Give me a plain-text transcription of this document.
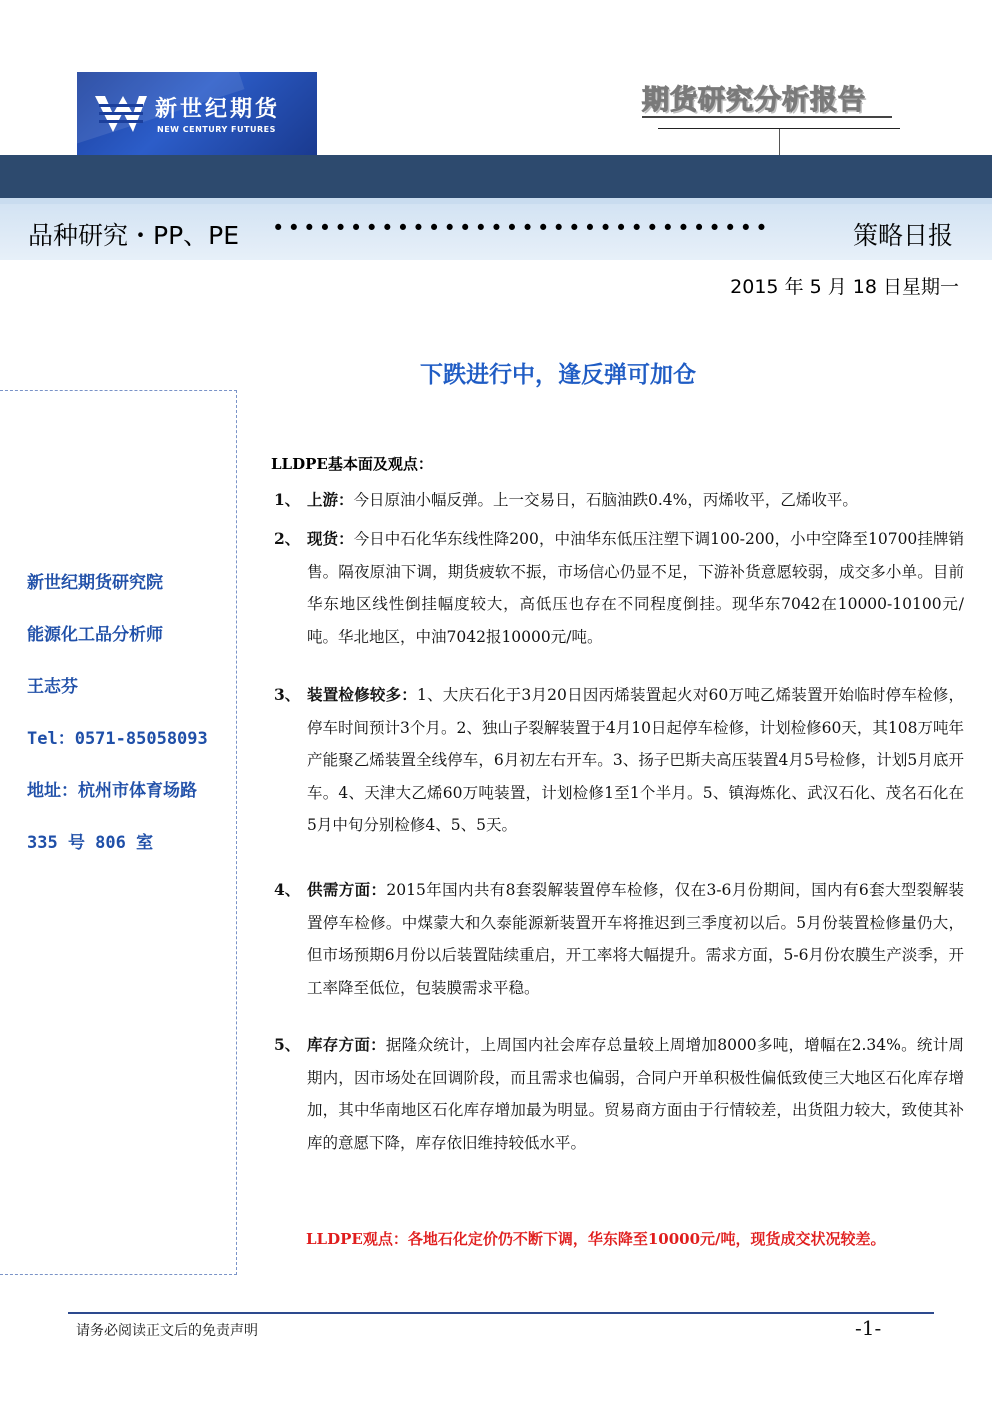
新世纪期货
NEW CENTURY FUTURES
期货研究分析报告
品种研究・PP、PE ••••••••••••••••••••••••••••••••	策略日报
2015 年 5 月 18 日星期一
下跌进行中，逢反弹可加仓
新世纪期货研究院
能源化工品分析师
王志芬
Tel：0571-85058093
地址：杭州市体育场路
335 号 806 室
LLDPE基本面及观点：
1、 上游：今日原油小幅反弹。上一交易日，石脑油跌0.4%，丙烯收平，乙烯收平。
2、 现货：今日中石化华东线性降200，中油华东低压注塑下调100-200，小中空降至10700挂牌销售。隔夜原油下调，期货疲软不振，市场信心仍显不足，下游补货意愿较弱，成交多小单。目前华东地区线性倒挂幅度较大，高低压也存在不同程度倒挂。现华东7042在10000-10100元/吨。华北地区，中油7042报10000元/吨。
3、 装置检修较多：1、大庆石化于3月20日因丙烯装置起火对60万吨乙烯装置开始临时停车检修，停车时间预计3个月。2、独山子裂解装置于4月10日起停车检修，计划检修60天，其108万吨年产能聚乙烯装置全线停车，6月初左右开车。3、扬子巴斯夫高压装置4月5号检修，计划5月底开车。4、天津大乙烯60万吨装置，计划检修1至1个半月。5、镇海炼化、武汉石化、茂名石化在5月中旬分别检修4、5、5天。
4、 供需方面：2015年国内共有8套裂解装置停车检修，仅在3-6月份期间，国内有6套大型裂解装置停车检修。中煤蒙大和久泰能源新装置开车将推迟到三季度初以后。5月份装置检修量仍大，但市场预期6月份以后装置陆续重启，开工率将大幅提升。需求方面，5-6月份农膜生产淡季，开工率降至低位，包装膜需求平稳。
5、 库存方面：据隆众统计，上周国内社会库存总量较上周增加8000多吨，增幅在2.34%。统计周期内，因市场处在回调阶段，而且需求也偏弱，合同户开单积极性偏低致使三大地区石化库存增加，其中华南地区石化库存增加最为明显。贸易商方面由于行情较差，出货阻力较大，致使其补库的意愿下降，库存依旧维持较低水平。
LLDPE观点：各地石化定价仍不断下调，华东降至10000元/吨，现货成交状况较差。
请务必阅读正文后的免责声明	-1-
